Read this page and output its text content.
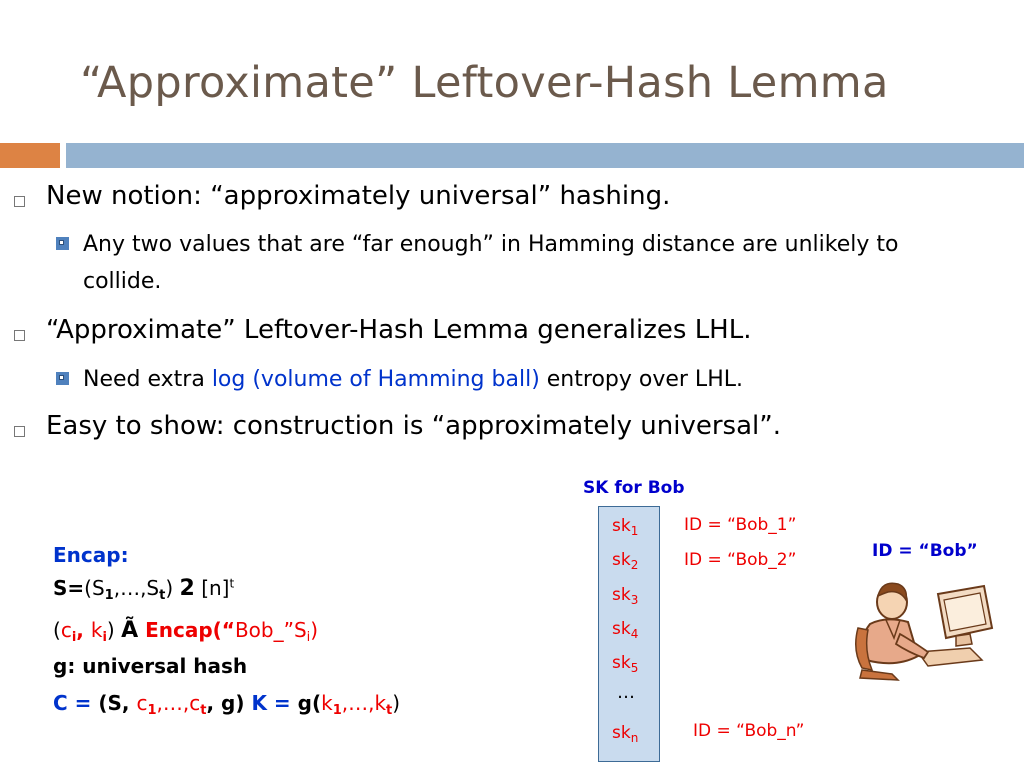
“Approximate” Leftover-Hash Lemma
New notion: “approximately universal” hashing.
Any two values that are “far enough” in Hamming distance are unlikely to collide.
“Approximate” Leftover-Hash Lemma generalizes LHL.
Need extra log (volume of Hamming ball) entropy over LHL.
Easy to show: construction is “approximately universal”.
SK for Bob
$sk_1$
$sk_2$
$sk_3$
$sk_4$
$sk_5$
…
$sk_n$
ID = “Bob_1”
ID = “Bob_2”
ID = “Bob_n”
ID = “Bob”
Encap:
$S=(S_1,\dots,S_t)$ 2 $[n]^t$
($c_i$, $k_i$) Ã $Encap(“Bob\_”S_i)$
g: universal hash
C = (S, $c_1,\dots,c_t$, g) $K = g(k_1,\dots,k_t)$
